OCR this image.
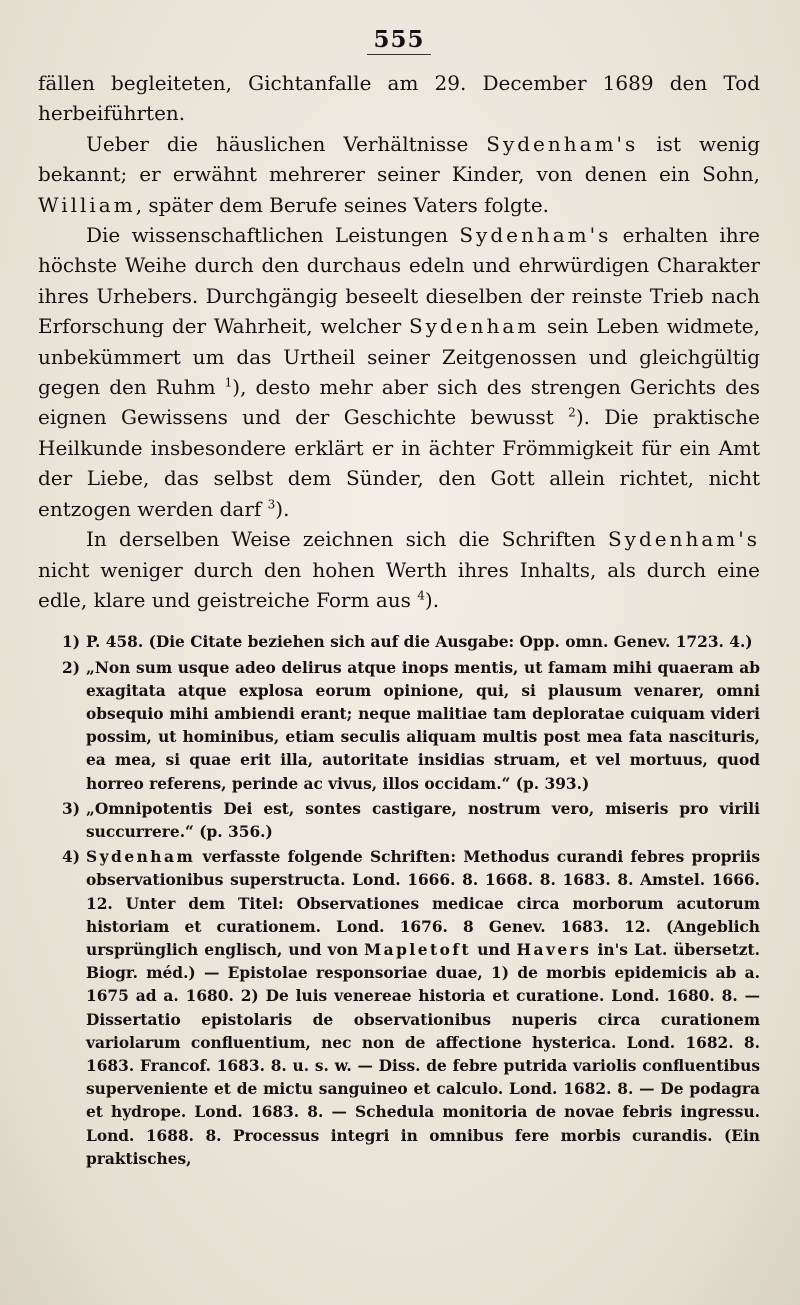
555

fällen begleiteten, Gichtanfalle am 29. December 1689 den Tod herbeiführten.

Ueber die häuslichen Verhältnisse Sydenham's ist wenig bekannt; er erwähnt mehrerer seiner Kinder, von denen ein Sohn, William, später dem Berufe seines Vaters folgte.

Die wissenschaftlichen Leistungen Sydenham's erhalten ihre höchste Weihe durch den durchaus edeln und ehrwürdigen Charakter ihres Urhebers. Durchgängig beseelt dieselben der reinste Trieb nach Erforschung der Wahrheit, welcher Sydenham sein Leben widmete, unbekümmert um das Urtheil seiner Zeitgenossen und gleichgültig gegen den Ruhm $^1$), desto mehr aber sich des strengen Gerichts des eignen Gewissens und der Geschichte bewusst $^2$). Die praktische Heilkunde insbesondere erklärt er in ächter Frömmigkeit für ein Amt der Liebe, das selbst dem Sünder, den Gott allein richtet, nicht entzogen werden darf $^3$).

In derselben Weise zeichnen sich die Schriften Sydenham's nicht weniger durch den hohen Werth ihres Inhalts, als durch eine edle, klare und geistreiche Form aus $^4$).

1) P. 458. (Die Citate beziehen sich auf die Ausgabe: Opp. omn. Genev. 1723. 4.)
2) „Non sum usque adeo delirus atque inops mentis, ut famam mihi quaeram ab exagitata atque explosa eorum opinione, qui, si plausum venarer, omni obsequio mihi ambiendi erant; neque malitiae tam deploratae cuiquam videri possim, ut hominibus, etiam seculis aliquam multis post mea fata nascituris, ea mea, si quae erit illa, autoritate insidias struam, et vel mortuus, quod horreo referens, perinde ac vivus, illos occidam.“ (p. 393.)
3) „Omnipotentis Dei est, sontes castigare, nostrum vero, miseris pro virili succurrere.“ (p. 356.)
4) Sydenham verfasste folgende Schriften: Methodus curandi febres propriis observationibus superstructa. Lond. 1666. 8. 1668. 8. 1683. 8. Amstel. 1666. 12. Unter dem Titel: Observationes medicae circa morborum acutorum historiam et curationem. Lond. 1676. 8 Genev. 1683. 12. (Angeblich ursprünglich englisch, und von Mapletoft und Havers in's Lat. übersetzt. Biogr. méd.) — Epistolae responsoriae duae, 1) de morbis epidemicis ab a. 1675 ad a. 1680. 2) De luis venereae historia et curatione. Lond. 1680. 8. — Dissertatio epistolaris de observationibus nuperis circa curationem variolarum confluentium, nec non de affectione hysterica. Lond. 1682. 8. 1683. Francof. 1683. 8. u. s. w. — Diss. de febre putrida variolis confluentibus superveniente et de mictu sanguineo et calculo. Lond. 1682. 8. — De podagra et hydrope. Lond. 1683. 8. — Schedula monitoria de novae febris ingressu. Lond. 1688. 8. Processus integri in omnibus fere morbis curandis. (Ein praktisches,
